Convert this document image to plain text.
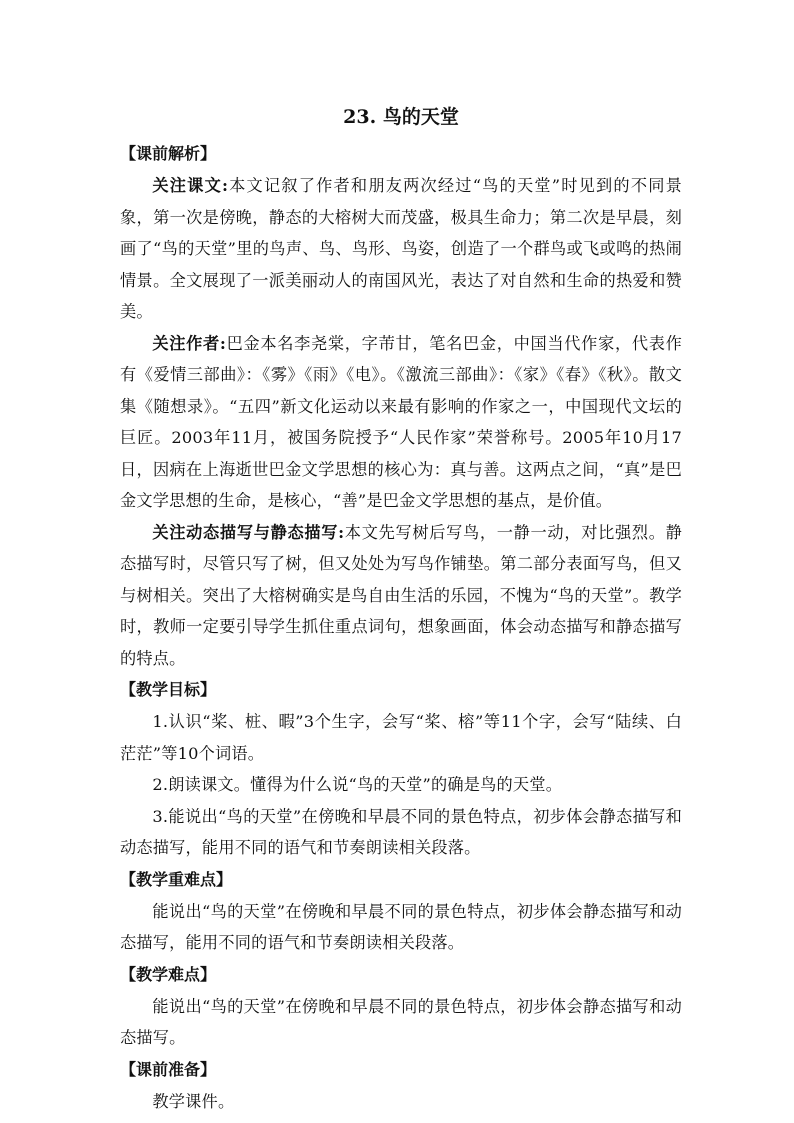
23. 鸟的天堂

【课前解析】

关注课文:本文记叙了作者和朋友两次经过“鸟的天堂”时见到的不同景象，第一次是傍晚，静态的大榕树大而茂盛，极具生命力；第二次是早晨，刻画了“鸟的天堂”里的鸟声、鸟、鸟形、鸟姿，创造了一个群鸟或飞或鸣的热闹情景。全文展现了一派美丽动人的南国风光，表达了对自然和生命的热爱和赞美。

关注作者:巴金本名李尧棠，字芾甘，笔名巴金，中国当代作家，代表作有《爱情三部曲》：《雾》《雨》《电》。《激流三部曲》：《家》《春》《秋》。散文集《随想录》。“五四”新文化运动以来最有影响的作家之一，中国现代文坛的巨匠。2003年11月，被国务院授予“人民作家”荣誉称号。2005年10月17日，因病在上海逝世巴金文学思想的核心为：真与善。这两点之间，“真”是巴金文学思想的生命，是核心，“善”是巴金文学思想的基点，是价值。

关注动态描写与静态描写:本文先写树后写鸟，一静一动，对比强烈。静态描写时，尽管只写了树，但又处处为写鸟作铺垫。第二部分表面写鸟，但又与树相关。突出了大榕树确实是鸟自由生活的乐园，不愧为“鸟的天堂”。教学时，教师一定要引导学生抓住重点词句，想象画面，体会动态描写和静态描写的特点。

【教学目标】

1.认识“桨、桩、暇”3个生字，会写“桨、榕”等11个字，会写“陆续、白茫茫”等10个词语。

2.朗读课文。懂得为什么说“鸟的天堂”的确是鸟的天堂。

3.能说出“鸟的天堂”在傍晚和早晨不同的景色特点，初步体会静态描写和动态描写，能用不同的语气和节奏朗读相关段落。

【教学重难点】

能说出“鸟的天堂”在傍晚和早晨不同的景色特点，初步体会静态描写和动态描写，能用不同的语气和节奏朗读相关段落。

【教学难点】

能说出“鸟的天堂”在傍晚和早晨不同的景色特点，初步体会静态描写和动态描写。

【课前准备】

教学课件。
